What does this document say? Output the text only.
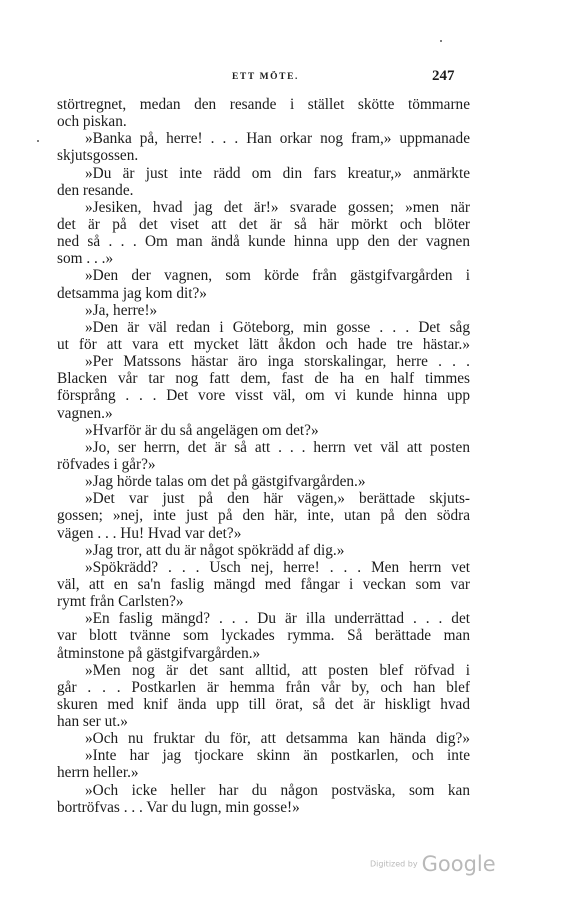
ETT MÖTE.	247
störtregnet, medan den resande i stället skötte tömmarne
och piskan.
»Banka på, herre! . . . Han orkar nog fram,» uppmanade
skjutsgossen.
»Du är just inte rädd om din fars kreatur,» anmärkte
den resande.
»Jesiken, hvad jag det är!» svarade gossen; »men när
det är på det viset att det är så här mörkt och blöter
ned så . . . Om man ändå kunde hinna upp den der vagnen
som . . .»
»Den der vagnen, som körde från gästgifvargården i
detsamma jag kom dit?»
»Ja, herre!»
»Den är väl redan i Göteborg, min gosse . . . Det såg
ut för att vara ett mycket lätt åkdon och hade tre hästar.»
»Per Matssons hästar äro inga storskalingar, herre . . .
Blacken vår tar nog fatt dem, fast de ha en half timmes
försprång . . . Det vore visst väl, om vi kunde hinna upp
vagnen.»
»Hvarför är du så angelägen om det?»
»Jo, ser herrn, det är så att . . . herrn vet väl att posten
röfvades i går?»
»Jag hörde talas om det på gästgifvargården.»
»Det var just på den här vägen,» berättade skjuts-
gossen; »nej, inte just på den här, inte, utan på den södra
vägen . . . Hu! Hvad var det?»
»Jag tror, att du är något spökrädd af dig.»
»Spökrädd? . . . Usch nej, herre! . . . Men herrn vet
väl, att en sa'n faslig mängd med fångar i veckan som var
rymt från Carlsten?»
»En faslig mängd? . . . Du är illa underrättad . . . det
var blott tvänne som lyckades rymma. Så berättade man
åtminstone på gästgifvargården.»
»Men nog är det sant alltid, att posten blef röfvad i
går . . . Postkarlen är hemma från vår by, och han blef
skuren med knif ända upp till örat, så det är hiskligt hvad
han ser ut.»
»Och nu fruktar du för, att detsamma kan hända dig?»
»Inte har jag tjockare skinn än postkarlen, och inte
herrn heller.»
»Och icke heller har du någon postväska, som kan
bortröfvas . . . Var du lugn, min gosse!»
Digitized by Google
